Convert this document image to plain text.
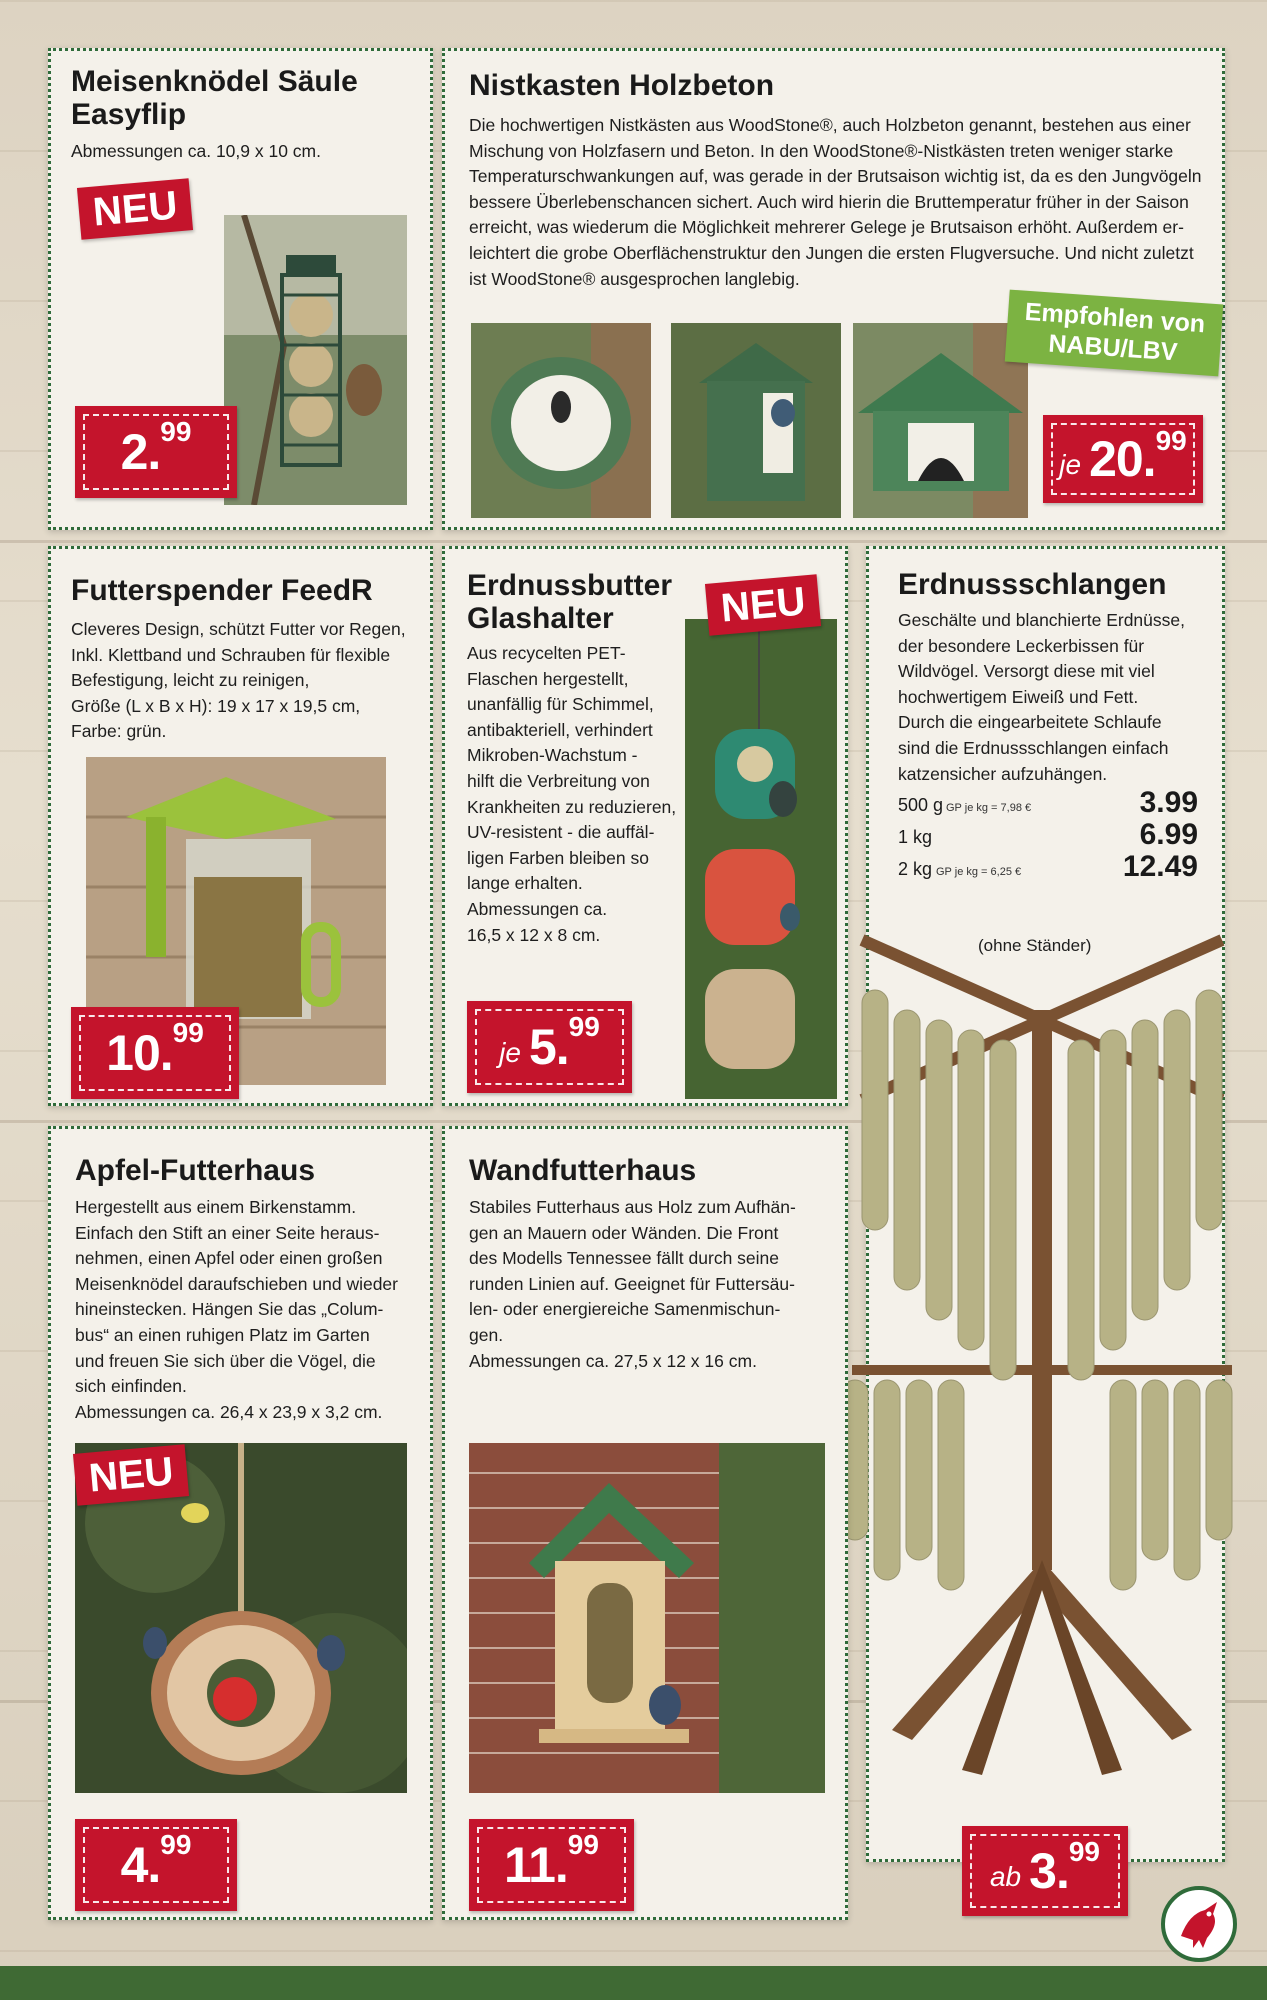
Meisenknödel Säule Easyflip
Abmessungen ca. 10,9 x 10 cm.
NEU
2. 99
Nistkasten Holzbeton
Die hochwertigen Nistkästen aus WoodStone®, auch Holzbeton genannt, bestehen aus einer
Mischung von Holzfasern und Beton. In den WoodStone®-Nistkästen treten weniger starke
Temperaturschwankungen auf, was gerade in der Brutsaison wichtig ist, da es den Jungvögeln
bessere Überlebenschancen sichert. Auch wird hierin die Bruttemperatur früher in der Saison
erreicht, was wiederum die Möglichkeit mehrerer Gelege je Brutsaison erhöht. Außerdem er-
leichtert die grobe Oberflächenstruktur den Jungen die ersten Flugversuche. Und nicht zuletzt
ist WoodStone® ausgesprochen langlebig.
Empfohlen von
NABU/LBV
je 20. 99
Futterspender FeedR
Cleveres Design, schützt Futter vor Regen,
Inkl. Klettband und Schrauben für flexible
Befestigung, leicht zu reinigen,
Größe (L x B x H): 19 x 17 x 19,5 cm,
Farbe: grün.
10. 99
Erdnussbutter
Glashalter
Aus recycelten PET-
Flaschen hergestellt,
unanfällig für Schimmel,
antibakteriell, verhindert
Mikroben-Wachstum -
hilft die Verbreitung von
Krankheiten zu reduzieren,
UV-resistent - die auffäl-
ligen Farben bleiben so
lange erhalten.
Abmessungen ca.
16,5 x 12 x 8 cm.
NEU
je 5. 99
Erdnussschlangen
Geschälte und blanchierte Erdnüsse,
der besondere Leckerbissen für
Wildvögel. Versorgt diese mit viel
hochwertigem Eiweiß und Fett.
Durch die eingearbeitete Schlaufe
sind die Erdnussschlangen einfach
katzensicher aufzuhängen.
500 g GP je kg = 7,98 €	3.99
1 kg	6.99
2 kg GP je kg = 6,25 €	12.49
(ohne Ständer)
ab 3. 99
Apfel-Futterhaus
Hergestellt aus einem Birkenstamm.
Einfach den Stift an einer Seite heraus-
nehmen, einen Apfel oder einen großen
Meisenknödel daraufschieben und wieder
hineinstecken. Hängen Sie das „Colum-
bus“ an einen ruhigen Platz im Garten
und freuen Sie sich über die Vögel, die
sich einfinden.
Abmessungen ca. 26,4 x 23,9 x 3,2 cm.
NEU
4. 99
Wandfutterhaus
Stabiles Futterhaus aus Holz zum Aufhän-
gen an Mauern oder Wänden. Die Front
des Modells Tennessee fällt durch seine
runden Linien auf. Geeignet für Futtersäu-
len- oder energiereiche Samenmischun-
gen.
Abmessungen ca. 27,5 x 12 x 16 cm.
11. 99
